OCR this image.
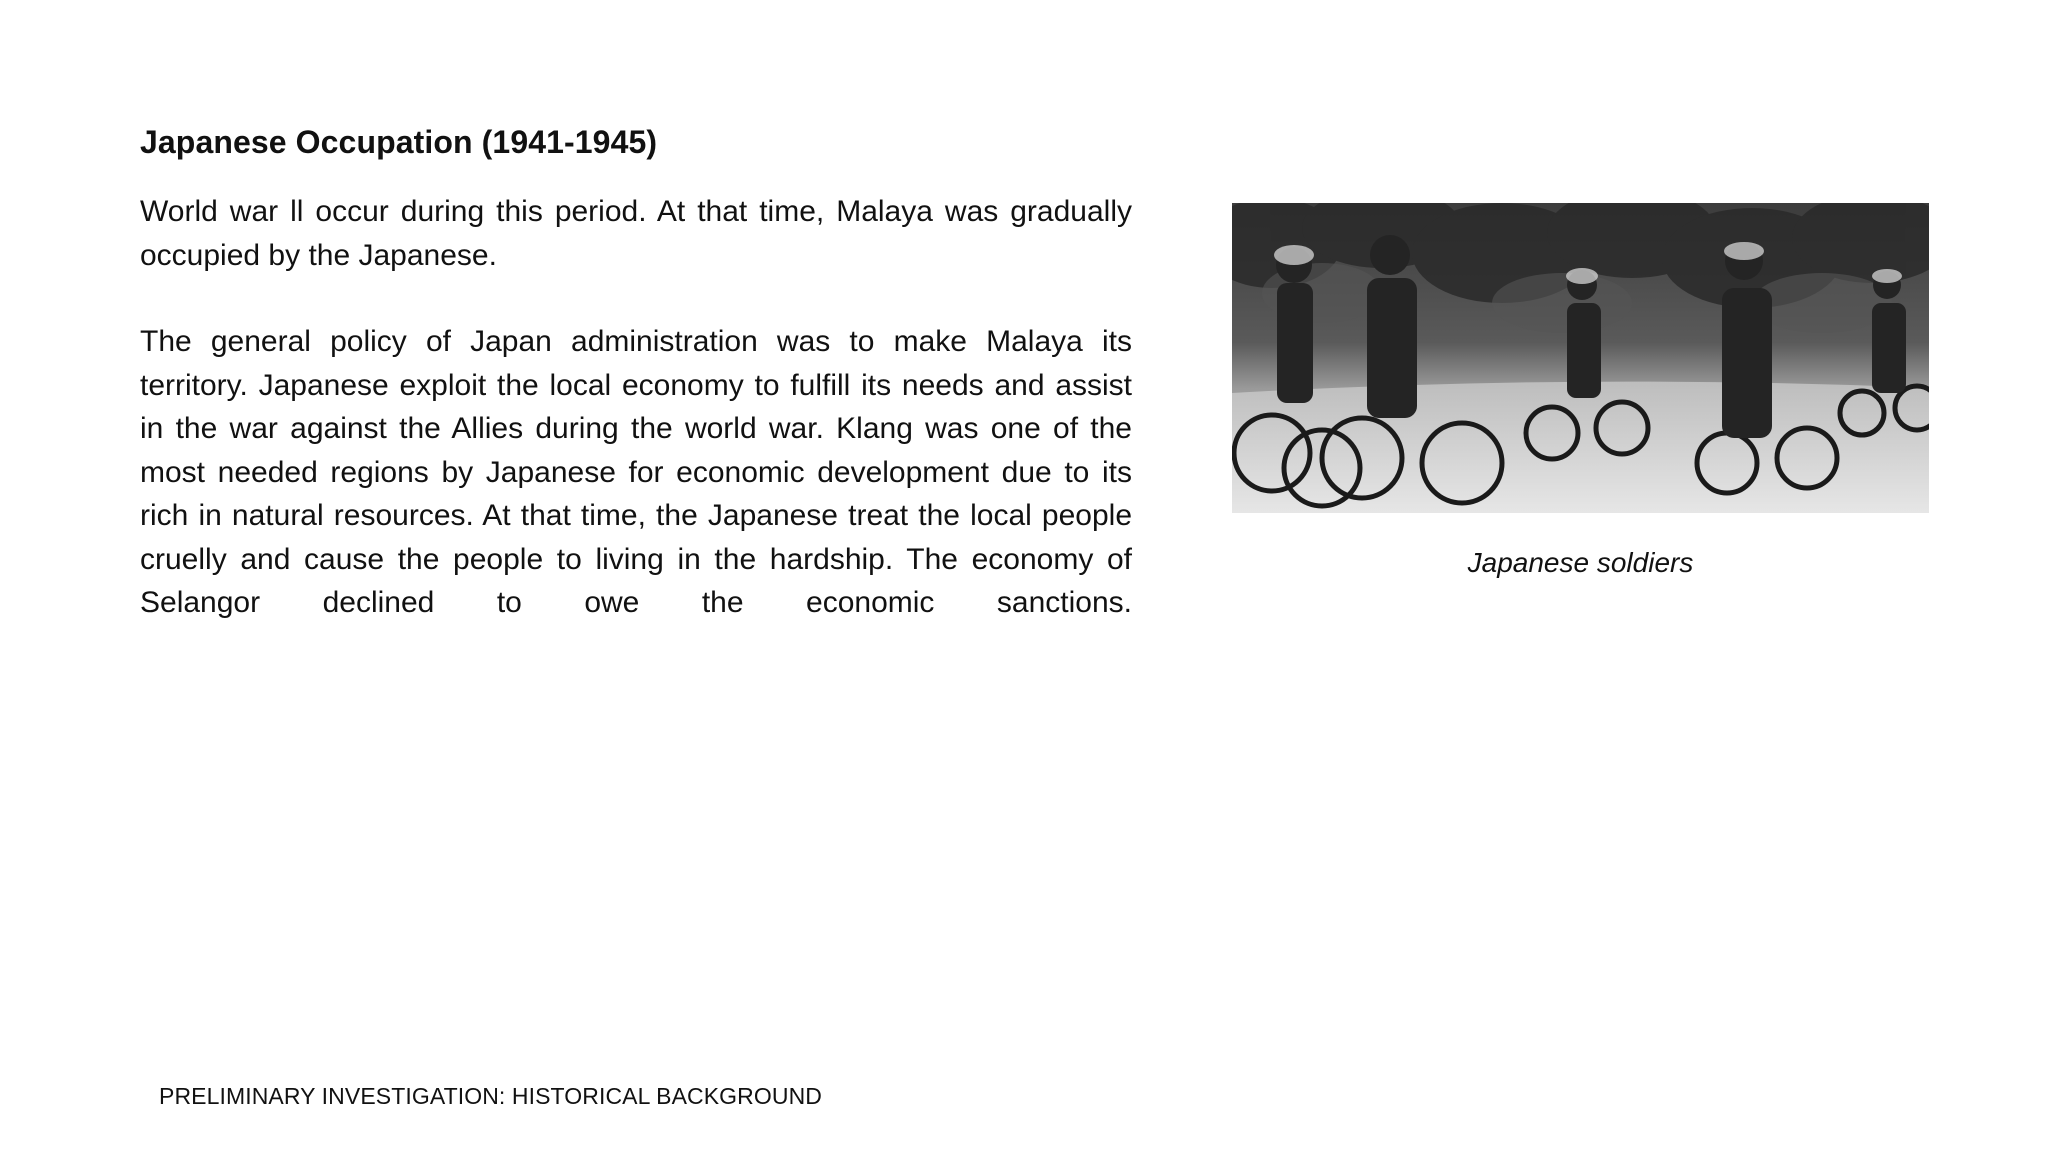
Japanese Occupation (1941-1945)

World war ll occur during this period. At that time, Malaya was gradually occupied by the Japanese.

The general policy of Japan administration was to make Malaya its territory. Japanese exploit the local economy to fulfill its needs and assist in the war against the Allies during the world war. Klang was one of the most needed regions by Japanese for economic development due to its rich in natural resources. At that time, the Japanese treat the local people cruelly and cause the people to living in the hardship. The economy of Selangor declined to owe the economic sanctions.

Japanese soldiers

PRELIMINARY INVESTIGATION: HISTORICAL BACKGROUND
